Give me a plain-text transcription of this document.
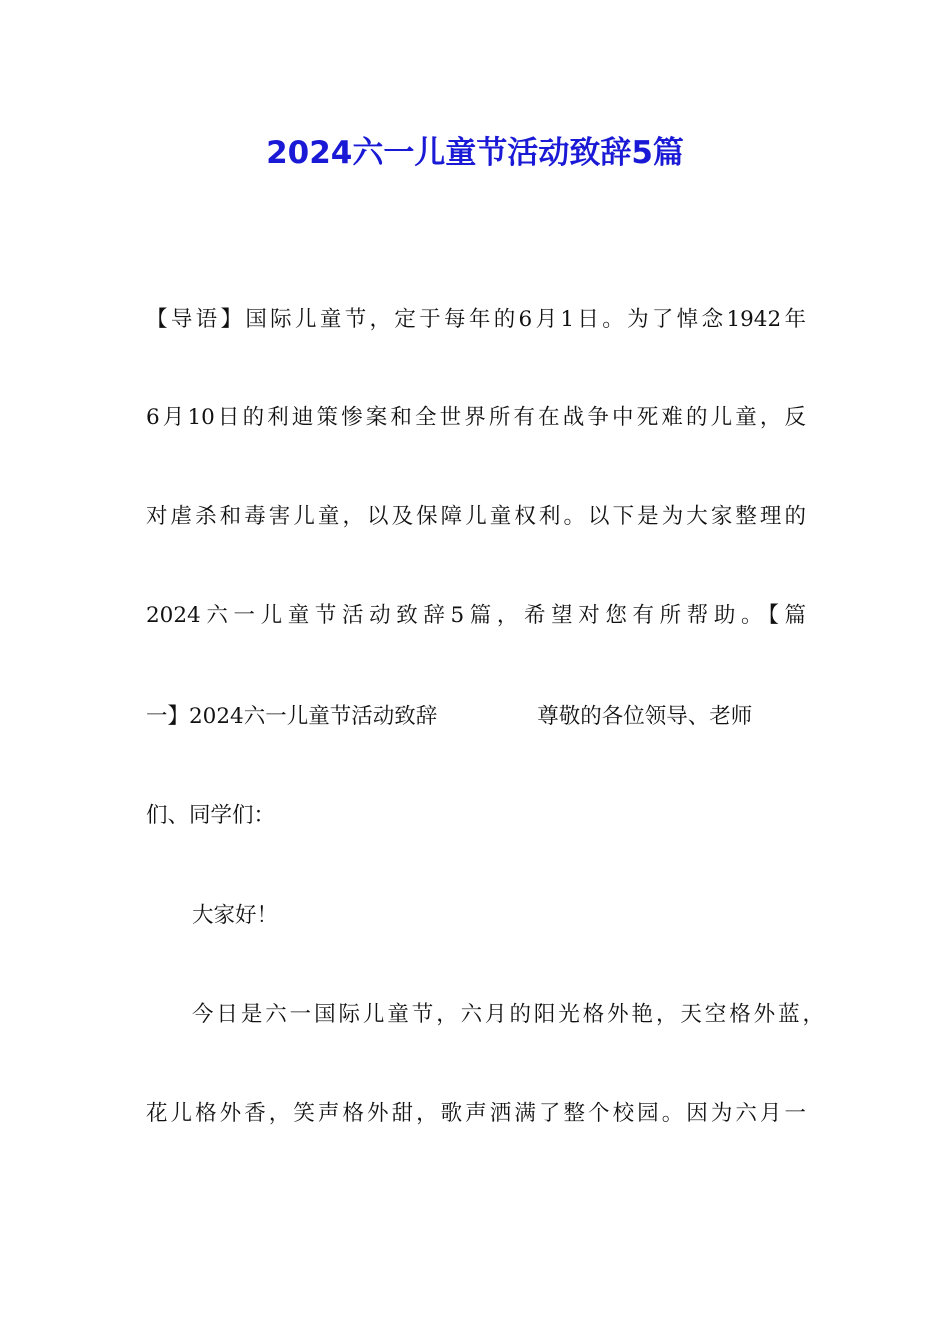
2024六一儿童节活动致辞5篇
【导语】国际儿童节，定于每年的6月1日。为了悼念1942年
6月10日的利迪策惨案和全世界所有在战争中死难的儿童，反
对虐杀和毒害儿童，以及保障儿童权利。以下是为大家整理的
2024六一儿童节活动致辞5篇，希望对您有所帮助。【篇
一】2024六一儿童节活动致辞	尊敬的各位领导、老师
们、同学们：
大家好！
今日是六一国际儿童节，六月的阳光格外艳，天空格外蓝，
花儿格外香，笑声格外甜，歌声洒满了整个校园。因为六月一
